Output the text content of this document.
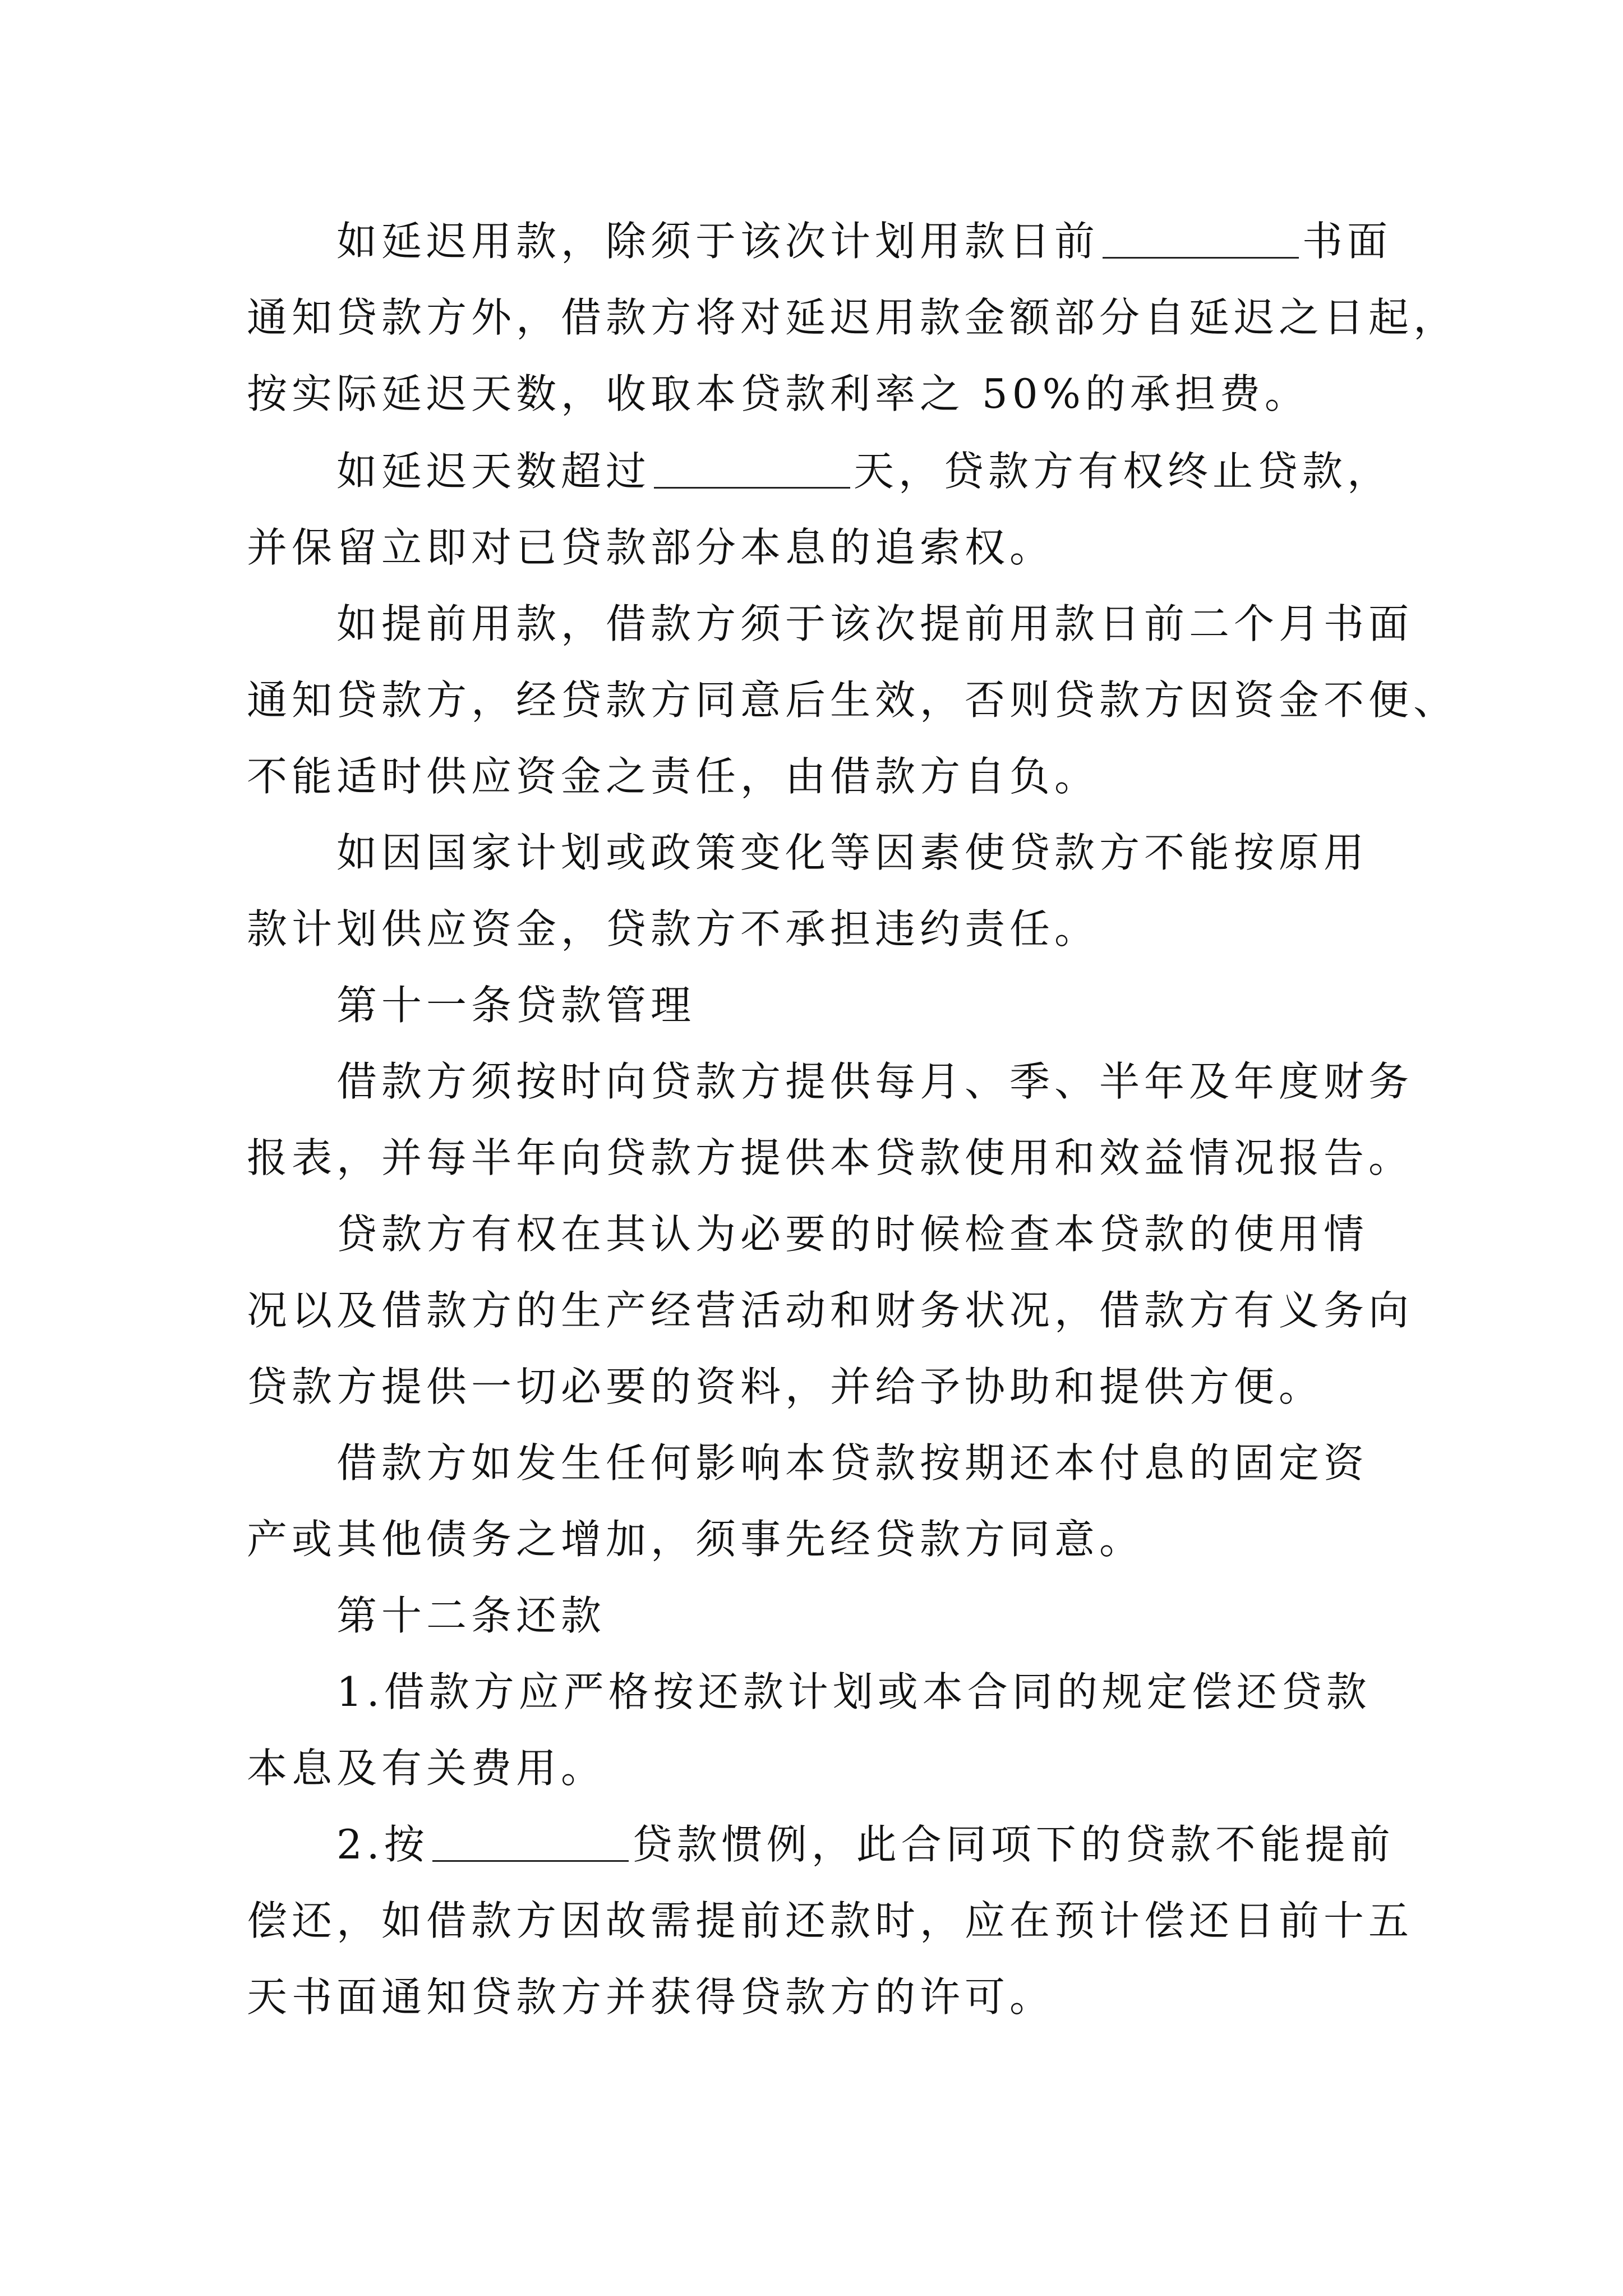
如延迟用款，除须于该次计划用款日前	书面
通知贷款方外，借款方将对延迟用款金额部分自延迟之日起，
按实际延迟天数，收取本贷款利率之 50%的承担费。
如延迟天数超过	天，贷款方有权终止贷款，
并保留立即对已贷款部分本息的追索权。
如提前用款，借款方须于该次提前用款日前二个月书面
通知贷款方，经贷款方同意后生效，否则贷款方因资金不便、
不能适时供应资金之责任，由借款方自负。
如因国家计划或政策变化等因素使贷款方不能按原用
款计划供应资金，贷款方不承担违约责任。
第十一条贷款管理
借款方须按时向贷款方提供每月、季、半年及年度财务
报表，并每半年向贷款方提供本贷款使用和效益情况报告。
贷款方有权在其认为必要的时候检查本贷款的使用情
况以及借款方的生产经营活动和财务状况，借款方有义务向
贷款方提供一切必要的资料，并给予协助和提供方便。
借款方如发生任何影响本贷款按期还本付息的固定资
产或其他债务之增加，须事先经贷款方同意。
第十二条还款
1.借款方应严格按还款计划或本合同的规定偿还贷款
本息及有关费用。
2.按	贷款惯例，此合同项下的贷款不能提前
偿还，如借款方因故需提前还款时，应在预计偿还日前十五
天书面通知贷款方并获得贷款方的许可。
